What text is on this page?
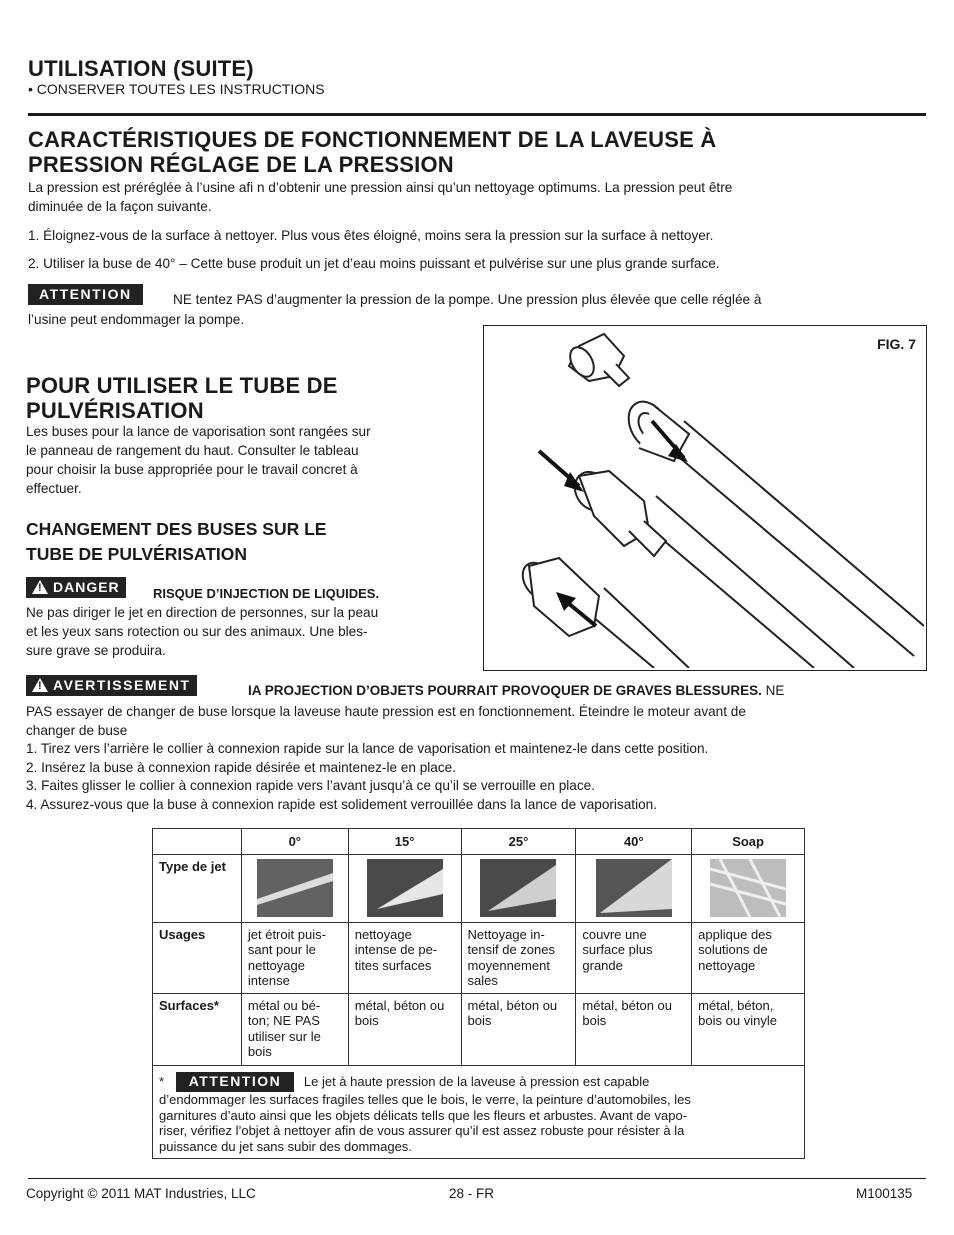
UTILISATION (SUITE)
• CONSERVER TOUTES LES INSTRUCTIONS
CARACTÉRISTIQUES DE FONCTIONNEMENT DE LA LAVEUSE À
PRESSION RÉGLAGE DE LA PRESSION
La pression est préréglée à l’usine afi n d’obtenir une pression ainsi qu’un nettoyage optimums. La pression peut être
diminuée de la façon suivante.
1. Éloignez-vous de la surface à nettoyer. Plus vous êtes éloigné, moins sera la pression sur la surface à nettoyer.
2. Utiliser la buse de 40° – Cette buse produit un jet d’eau moins puissant et pulvérise sur une plus grande surface.
ATTENTION	NE tentez PAS d’augmenter la pression de la pompe. Une pression plus élevée que celle réglée à
l’usine peut endommager la pompe.
FIG. 7
POUR UTILISER LE TUBE DE
PULVÉRISATION
Les buses pour la lance de vaporisation sont rangées sur
le panneau de rangement du haut. Consulter le tableau
pour choisir la buse appropriée pour le travail concret à
effectuer.
CHANGEMENT DES BUSES SUR LE
TUBE DE PULVÉRISATION
! DANGER	RISQUE D’INJECTION DE LIQUIDES.
Ne pas diriger le jet en direction de personnes, sur la peau
et les yeux sans rotection ou sur des animaux. Une bles-
sure grave se produira.
! AVERTISSEMENT	IA PROJECTION D’OBJETS POURRAIT PROVOQUER DE GRAVES BLESSURES. NE
PAS essayer de changer de buse lorsque la laveuse haute pression est en fonctionnement. Éteindre le moteur avant de
changer de buse
1. Tirez vers l’arrière le collier à connexion rapide sur la lance de vaporisation et maintenez-le dans cette position.
2. Insérez la buse à connexion rapide désirée et maintenez-le en place.
3. Faites glisser le collier à connexion rapide vers l’avant jusqu’à ce qu’il se verrouille en place.
4. Assurez-vous que la buse à connexion rapide est solidement verrouillée dans la lance de vaporisation.
	0°	15°	25°	40°	Soap
Type de jet	

Usages	jet étroit puis-sant pour le nettoyage intense	nettoyage intense de pe-tites surfaces	Nettoyage in-tensif de zones moyennement sales	couvre une surface plus grande	applique des solutions de nettoyage
Surfaces*	métal ou bé-ton; NE PAS utiliser sur le bois	métal, béton ou bois	métal, béton ou bois	métal, béton ou bois	métal, béton, bois ou vinyle

* ATTENTION Le jet à haute pression de la laveuse à pression est capable
d’endommager les surfaces fragiles telles que le bois, le verre, la peinture d’automobiles, les
garnitures d’auto ainsi que les objets délicats tells que les fleurs et arbustes. Avant de vapo-
riser, vérifiez l’objet à nettoyer afin de vous assurer qu’il est assez robuste pour résister à la
puissance du jet sans subir des dommages.					
Copyright © 2011 MAT Industries, LLC	28 - FR	M100135
